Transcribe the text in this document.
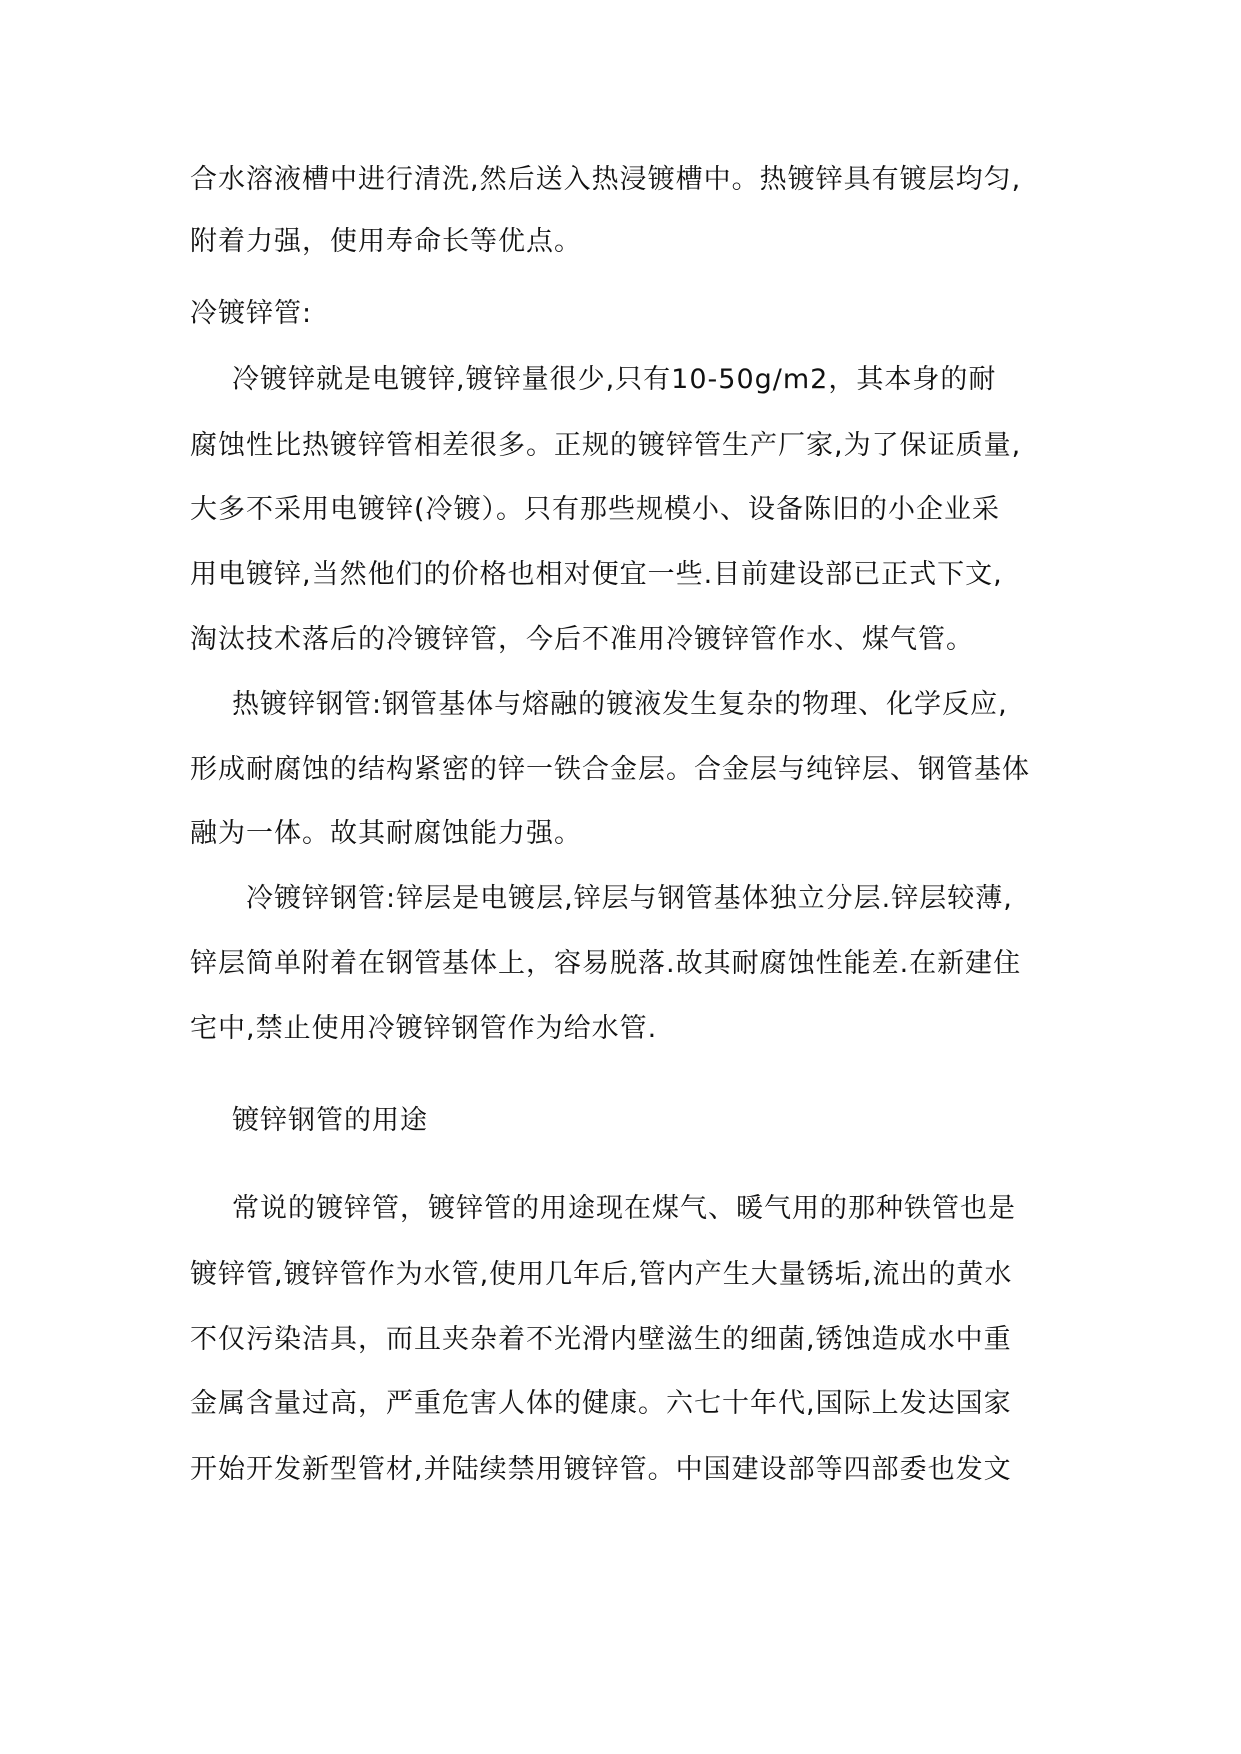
合水溶液槽中进行清洗,然后送入热浸镀槽中。热镀锌具有镀层均匀,
附着力强，使用寿命长等优点。
冷镀锌管:
冷镀锌就是电镀锌,镀锌量很少,只有10-50g/m2，其本身的耐
腐蚀性比热镀锌管相差很多。正规的镀锌管生产厂家,为了保证质量,
大多不采用电镀锌(冷镀）。只有那些规模小、设备陈旧的小企业采
用电镀锌,当然他们的价格也相对便宜一些.目前建设部已正式下文,
淘汰技术落后的冷镀锌管，今后不准用冷镀锌管作水、煤气管。
热镀锌钢管:钢管基体与熔融的镀液发生复杂的物理、化学反应,
形成耐腐蚀的结构紧密的锌一铁合金层。合金层与纯锌层、钢管基体
融为一体。故其耐腐蚀能力强。
冷镀锌钢管:锌层是电镀层,锌层与钢管基体独立分层.锌层较薄,
锌层简单附着在钢管基体上，容易脱落.故其耐腐蚀性能差.在新建住
宅中,禁止使用冷镀锌钢管作为给水管.
镀锌钢管的用途
常说的镀锌管，镀锌管的用途现在煤气、暖气用的那种铁管也是
镀锌管,镀锌管作为水管,使用几年后,管内产生大量锈垢,流出的黄水
不仅污染洁具，而且夹杂着不光滑内壁滋生的细菌,锈蚀造成水中重
金属含量过高，严重危害人体的健康。六七十年代,国际上发达国家
开始开发新型管材,并陆续禁用镀锌管。中国建设部等四部委也发文
